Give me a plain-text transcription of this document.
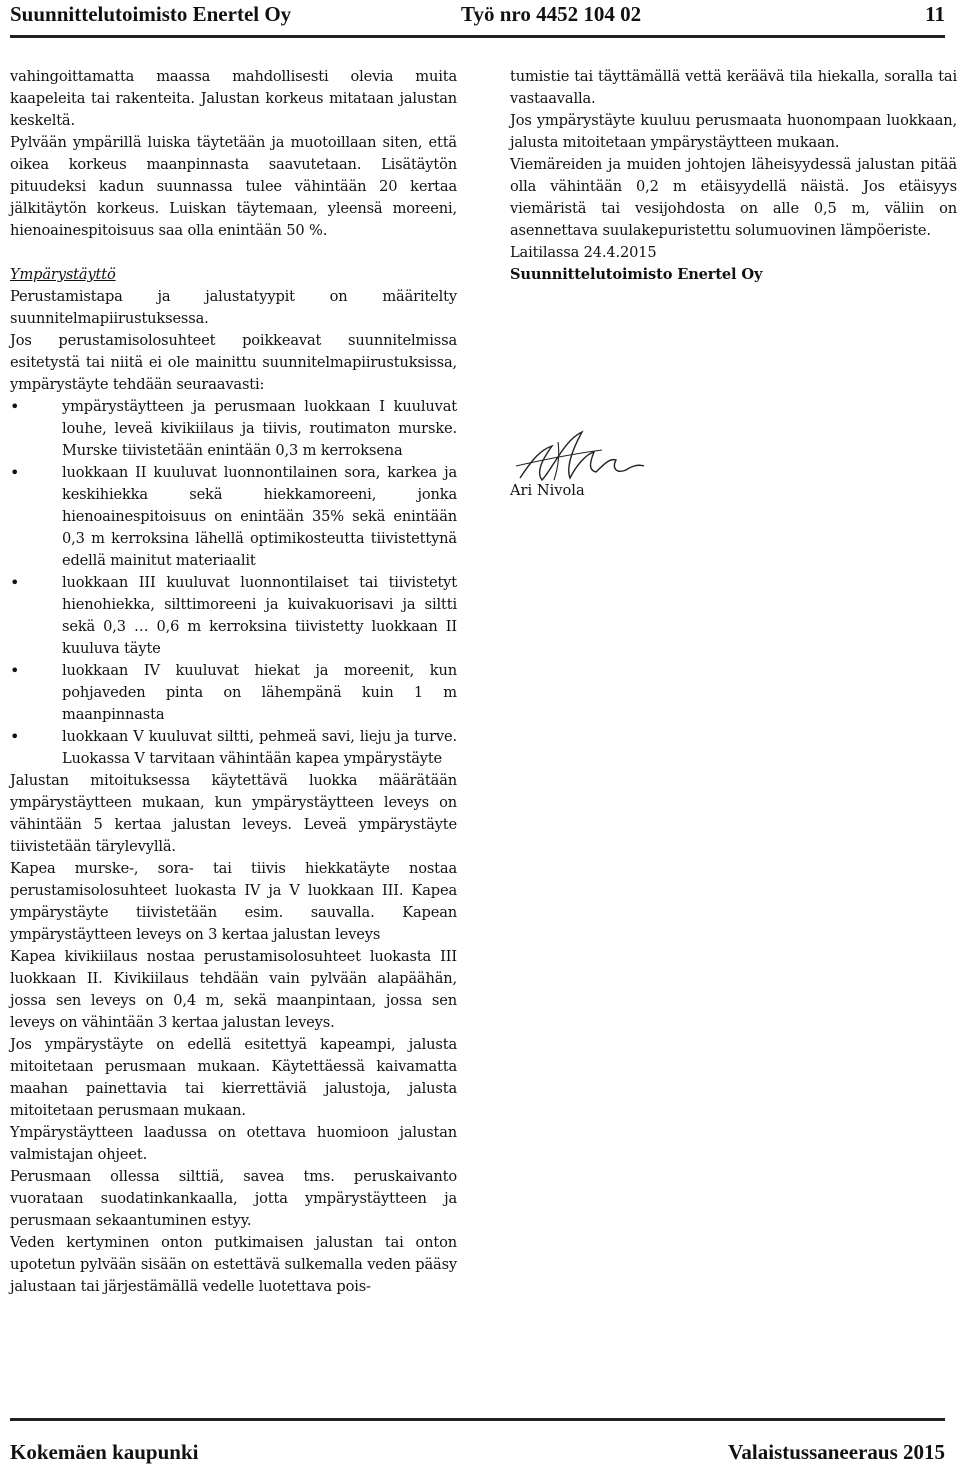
Suunnittelutoimisto Enertel Oy	Työ nro 4452 104 02	11

vahingoittamatta maassa mahdollisesti olevia muita kaapeleita tai rakenteita. Jalustan korkeus mitataan jalustan keskeltä.

Pylvään ympärillä luiska täytetään ja muotoillaan siten, että oikea korkeus maanpinnasta saavutetaan. Lisätäytön pituudeksi kadun suunnassa tulee vähintään 20 kertaa jälkitäytön korkeus. Luiskan täytemaan, yleensä moreeni, hienoainespitoisuus saa olla enintään 50 %.

Ympärystäyttö

Perustamistapa ja jalustatyypit on määritelty suunnitelmapiirustuksessa.

Jos perustamisolosuhteet poikkeavat suunnitelmissa esitetystä tai niitä ei ole mainittu suunnitelmapiirustuksissa, ympärystäyte tehdään seuraavasti:

•	ympärystäytteen ja perusmaan luokkaan I kuuluvat louhe, leveä kivikiilaus ja tiivis, routimaton murske. Murske tiivistetään enintään 0,3 m kerroksena
•	luokkaan II kuuluvat luonnontilainen sora, karkea ja keskihiekka sekä hiekkamoreeni, jonka hienoainespitoisuus on enintään 35% sekä enintään 0,3 m kerroksina lähellä optimikosteutta tiivistettynä edellä mainitut materiaalit
•	luokkaan III kuuluvat luonnontilaiset tai tiivistetyt hienohiekka, silttimoreeni ja kuivakuorisavi ja siltti sekä 0,3 … 0,6 m kerroksina tiivistetty luokkaan II kuuluva täyte
•	luokkaan IV kuuluvat hiekat ja moreenit, kun pohjaveden pinta on lähempänä kuin 1 m maanpinnasta
•	luokkaan V kuuluvat siltti, pehmeä savi, lieju ja turve. Luokassa V tarvitaan vähintään kapea ympärystäyte

Jalustan mitoituksessa käytettävä luokka määrätään ympärystäytteen mukaan, kun ympärystäytteen leveys on vähintään 5 kertaa jalustan leveys. Leveä ympärystäyte tiivistetään tärylevyllä.

Kapea murske-, sora- tai tiivis hiekkatäyte nostaa perustamisolosuhteet luokasta IV ja V luokkaan III. Kapea ympärystäyte tiivistetään esim. sauvalla. Kapean ympärystäytteen leveys on 3 kertaa jalustan leveys

Kapea kivikiilaus nostaa perustamisolosuhteet luokasta III luokkaan II. Kivikiilaus tehdään vain pylvään alapäähän, jossa sen leveys on 0,4 m, sekä maanpintaan, jossa sen leveys on vähintään 3 kertaa jalustan leveys.

Jos ympärystäyte on edellä esitettyä kapeampi, jalusta mitoitetaan perusmaan mukaan. Käytettäessä kaivamatta maahan painettavia tai kierrettäviä jalustoja, jalusta mitoitetaan perusmaan mukaan.

Ympärystäytteen laadussa on otettava huomioon jalustan valmistajan ohjeet.

Perusmaan ollessa silttiä, savea tms. peruskaivanto vuorataan suodatinkankaalla, jotta ympärystäytteen ja perusmaan sekaantuminen estyy.

Veden kertyminen onton putkimaisen jalustan tai onton upotetun pylvään sisään on estettävä sulkemalla veden pääsy jalustaan tai järjestämällä vedelle luotettava pois-

tumistie tai täyttämällä vettä keräävä tila hiekalla, soralla tai vastaavalla.

Jos ympärystäyte kuuluu perusmaata huonompaan luokkaan, jalusta mitoitetaan ympärystäytteen mukaan.

Viemäreiden ja muiden johtojen läheisyydessä jalustan pitää olla vähintään 0,2 m etäisyydellä näistä. Jos etäisyys viemäristä tai vesijohdosta on alle 0,5 m, väliin on asennettava suulakepuristettu solumuovinen lämpöeriste.

Laitilassa 24.4.2015

Suunnittelutoimisto Enertel Oy

Ari Nivola
Kokemäen kaupunki	Valaistussaneeraus 2015
